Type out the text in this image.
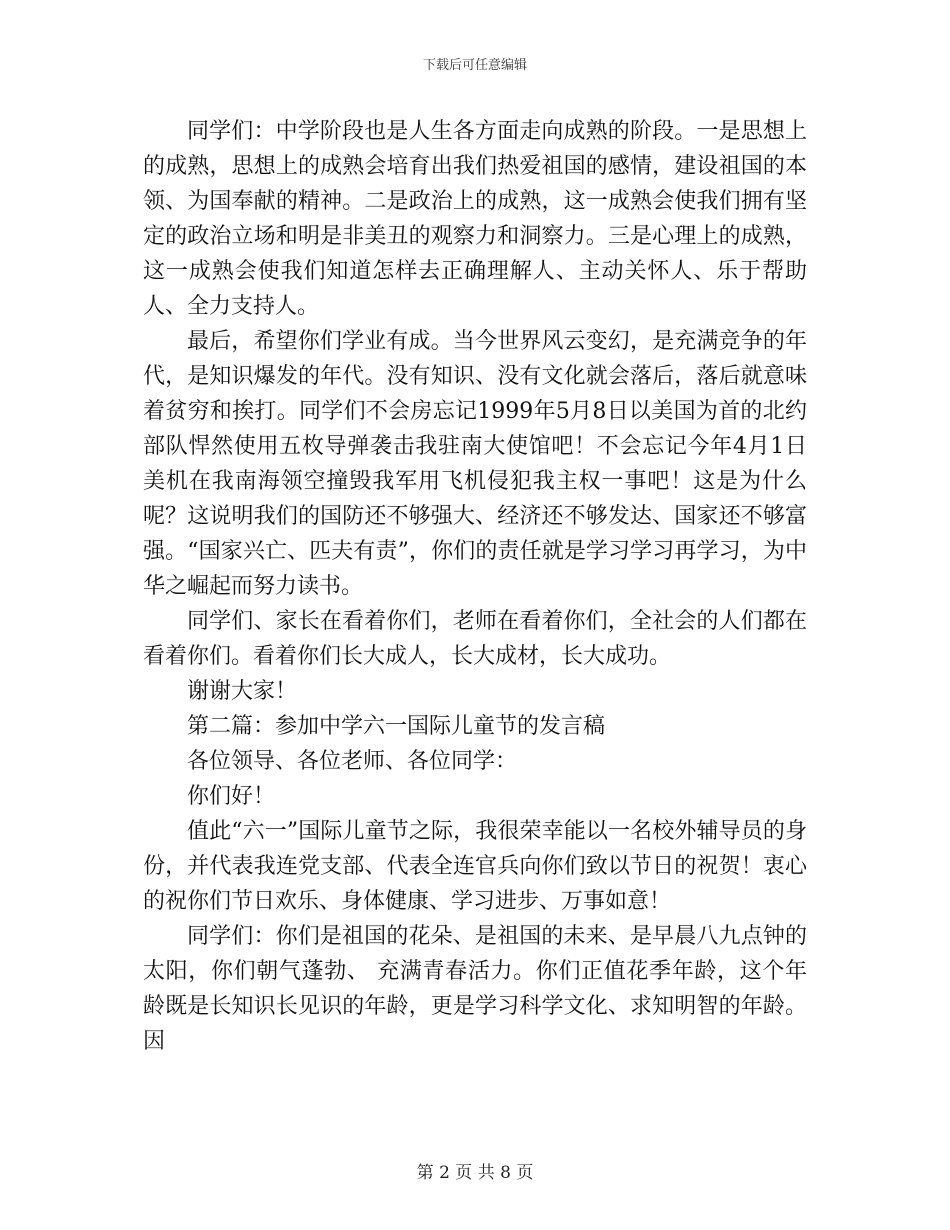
下载后可任意编辑

同学们：中学阶段也是人生各方面走向成熟的阶段。一是思想上的成熟，思想上的成熟会培育出我们热爱祖国的感情，建设祖国的本领、为国奉献的精神。二是政治上的成熟，这一成熟会使我们拥有坚定的政治立场和明是非美丑的观察力和洞察力。三是心理上的成熟，这一成熟会使我们知道怎样去正确理解人、主动关怀人、乐于帮助人、全力支持人。

最后，希望你们学业有成。当今世界风云变幻，是充满竞争的年代，是知识爆发的年代。没有知识、没有文化就会落后，落后就意味着贫穷和挨打。同学们不会房忘记1999年5月8日以美国为首的北约部队悍然使用五枚导弹袭击我驻南大使馆吧！不会忘记今年4月1日美机在我南海领空撞毁我军用飞机侵犯我主权一事吧！这是为什么呢？这说明我们的国防还不够强大、经济还不够发达、国家还不够富强。“国家兴亡、匹夫有责”，你们的责任就是学习学习再学习，为中华之崛起而努力读书。

同学们、家长在看着你们，老师在看着你们，全社会的人们都在看着你们。看着你们长大成人，长大成材，长大成功。

谢谢大家！

第二篇：参加中学六一国际儿童节的发言稿

各位领导、各位老师、各位同学：

你们好！

值此“六一”国际儿童节之际，我很荣幸能以一名校外辅导员的身份，并代表我连党支部、代表全连官兵向你们致以节日的祝贺！衷心的祝你们节日欢乐、身体健康、学习进步、万事如意！

同学们：你们是祖国的花朵、是祖国的未来、是早晨八九点钟的太阳，你们朝气蓬勃、 充满青春活力。你们正值花季年龄，这个年龄既是长知识长见识的年龄，更是学习科学文化、求知明智的年龄。因

第 2 页 共 8 页
